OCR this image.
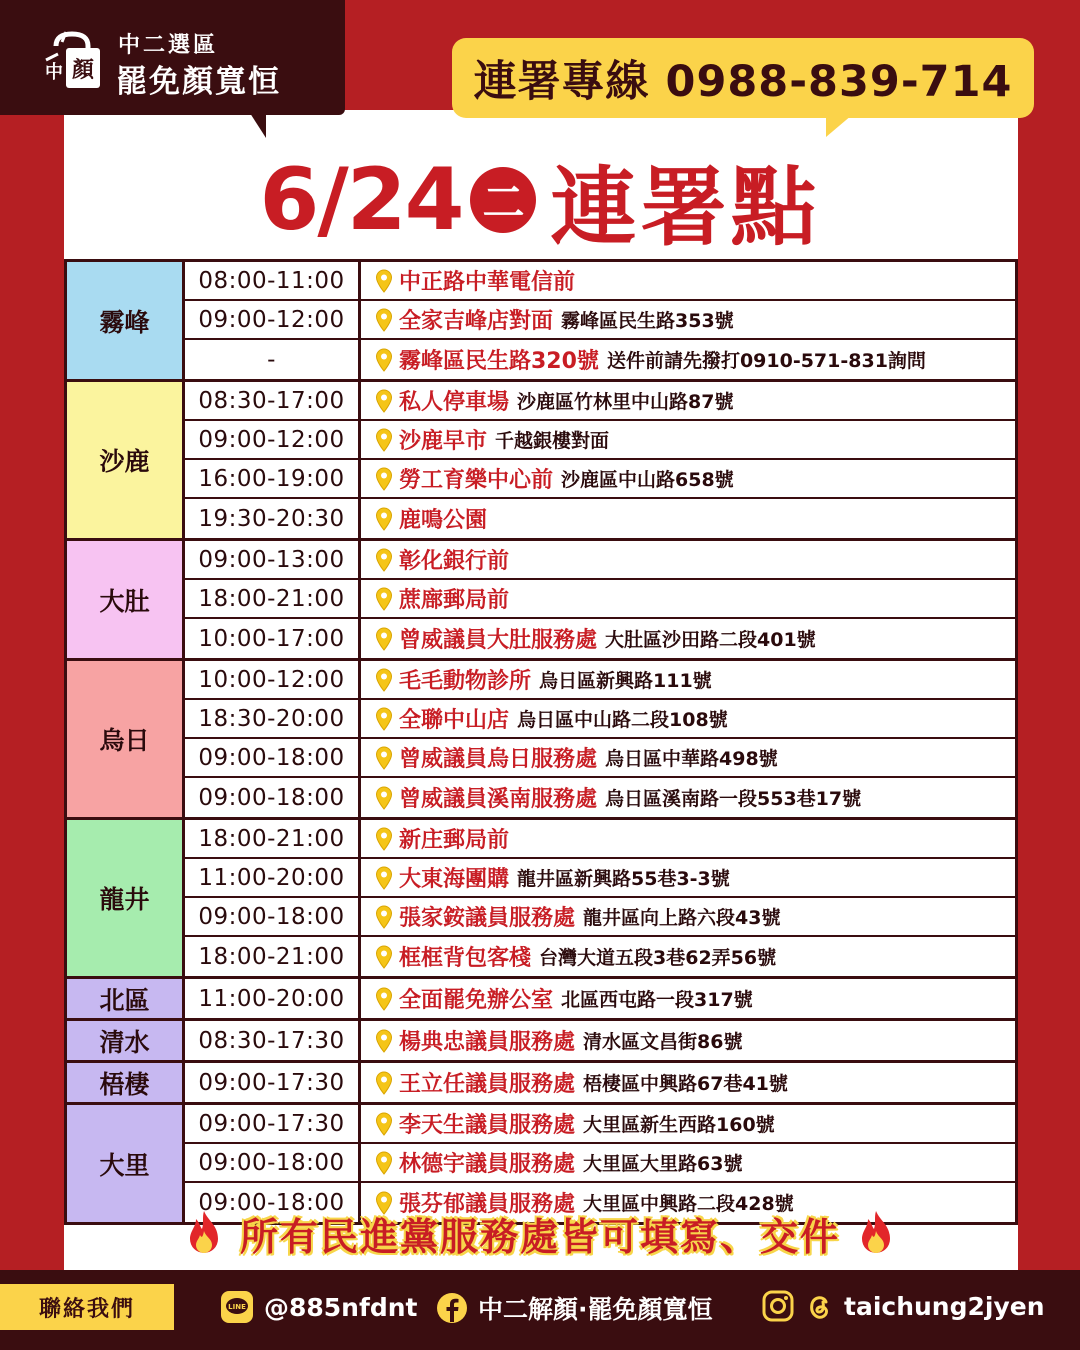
顏
中
中二選區
罷免顏寬恒	連署專線 0988-839-714
6/24 二 連署點
霧峰
08:00-11:00	中正路中華電信前
09:00-12:00	全家吉峰店對面 霧峰區民生路353號
-	霧峰區民生路320號 送件前請先撥打0910-571-831詢問
沙鹿
08:30-17:00	私人停車場 沙鹿區竹林里中山路87號
09:00-12:00	沙鹿早市 千越銀樓對面
16:00-19:00	勞工育樂中心前 沙鹿區中山路658號
19:30-20:30	鹿鳴公園
大肚
09:00-13:00	彰化銀行前
18:00-21:00	蔗廍郵局前
10:00-17:00	曾威議員大肚服務處 大肚區沙田路二段401號
烏日
10:00-12:00	毛毛動物診所 烏日區新興路111號
18:30-20:00	全聯中山店 烏日區中山路二段108號
09:00-18:00	曾威議員烏日服務處 烏日區中華路498號
09:00-18:00	曾威議員溪南服務處 烏日區溪南路一段553巷17號
龍井
18:00-21:00	新庄郵局前
11:00-20:00	大東海團購 龍井區新興路55巷3-3號
09:00-18:00	張家銨議員服務處 龍井區向上路六段43號
18:00-21:00	框框背包客棧 台灣大道五段3巷62弄56號
北區	11:00-20:00	全面罷免辦公室 北區西屯路一段317號
清水	08:30-17:30	楊典忠議員服務處 清水區文昌街86號
梧棲	09:00-17:30	王立任議員服務處 梧棲區中興路67巷41號
大里
09:00-17:30	李天生議員服務處 大里區新生西路160號
09:00-18:00	林德宇議員服務處 大里區大里路63號
09:00-18:00	張芬郁議員服務處 大里區中興路二段428號
所有民進黨服務處皆可填寫、交件
聯絡我們	LINE @885nfdnt 中二解顏·罷免顏寬恒	taichung2jyen
